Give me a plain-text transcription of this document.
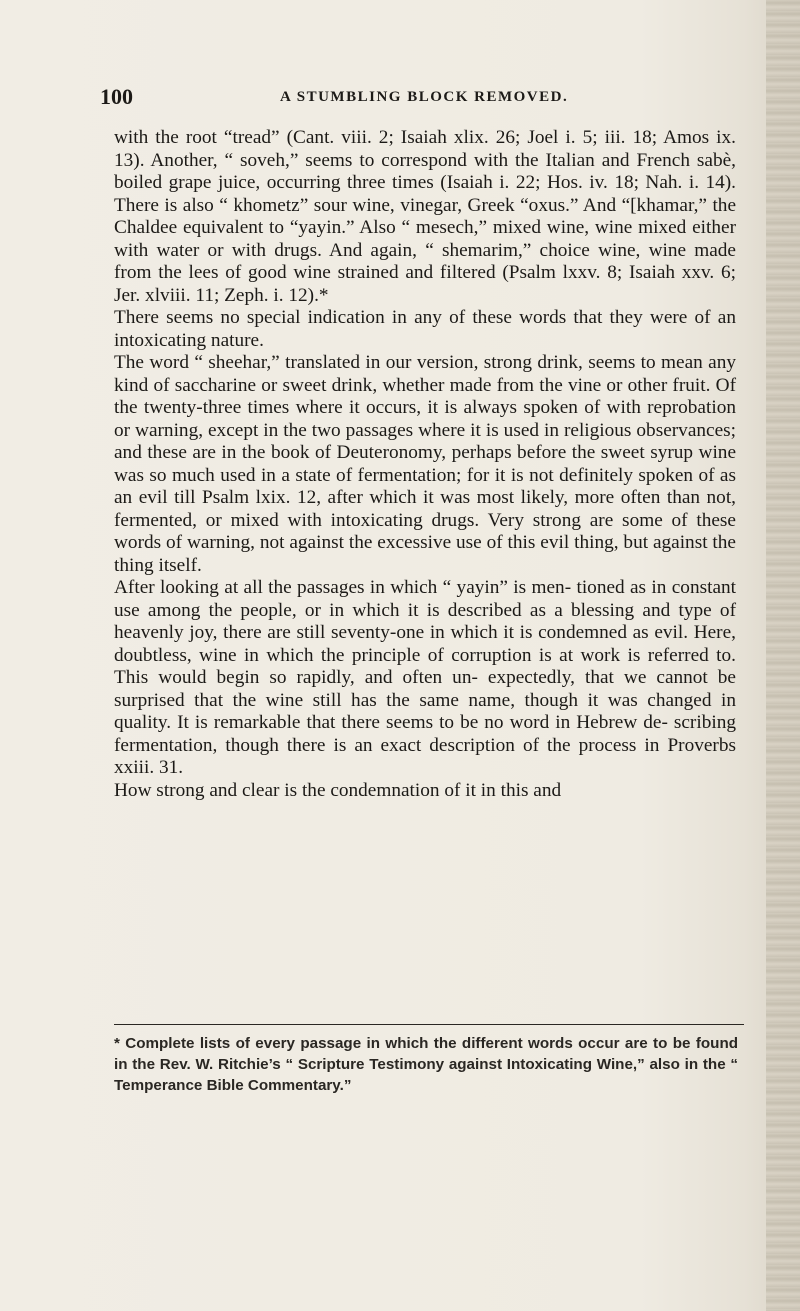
100	A STUMBLING BLOCK REMOVED.

with the root “tread” (Cant. viii. 2; Isaiah xlix. 26; Joel i. 5; iii. 18; Amos ix. 13). Another, “ soveh,” seems to correspond with the Italian and French sabè, boiled grape juice, occurring three times (Isaiah i. 22; Hos. iv. 18; Nah. i. 14). There is also “ khometz” sour wine, vinegar, Greek “oxus.” And “[khamar,” the Chaldee equivalent to “yayin.” Also “ mesech,” mixed wine, wine mixed either with water or with drugs. And again, “ shemarim,” choice wine, wine made from the lees of good wine strained and filtered (Psalm lxxv. 8; Isaiah xxv. 6; Jer. xlviii. 11; Zeph. i. 12).*

There seems no special indication in any of these words that they were of an intoxicating nature.

The word “ sheehar,” translated in our version, strong drink, seems to mean any kind of saccharine or sweet drink, whether made from the vine or other fruit. Of the twenty-three times where it occurs, it is always spoken of with reprobation or warning, except in the two passages where it is used in religious observances; and these are in the book of Deuteronomy, perhaps before the sweet syrup wine was so much used in a state of fermentation; for it is not definitely spoken of as an evil till Psalm lxix. 12, after which it was most likely, more often than not, fermented, or mixed with intoxicating drugs. Very strong are some of these words of warning, not against the excessive use of this evil thing, but against the thing itself.

After looking at all the passages in which “ yayin” is men- tioned as in constant use among the people, or in which it is described as a blessing and type of heavenly joy, there are still seventy-one in which it is condemned as evil. Here, doubtless, wine in which the principle of corruption is at work is referred to. This would begin so rapidly, and often un- expectedly, that we cannot be surprised that the wine still has the same name, though it was changed in quality. It is remarkable that there seems to be no word in Hebrew de- scribing fermentation, though there is an exact description of the process in Proverbs xxiii. 31.

How strong and clear is the condemnation of it in this and

* Complete lists of every passage in which the different words occur are to be found in the Rev. W. Ritchie’s “ Scripture Testimony against Intoxicating Wine,” also in the “ Temperance Bible Commentary.”
